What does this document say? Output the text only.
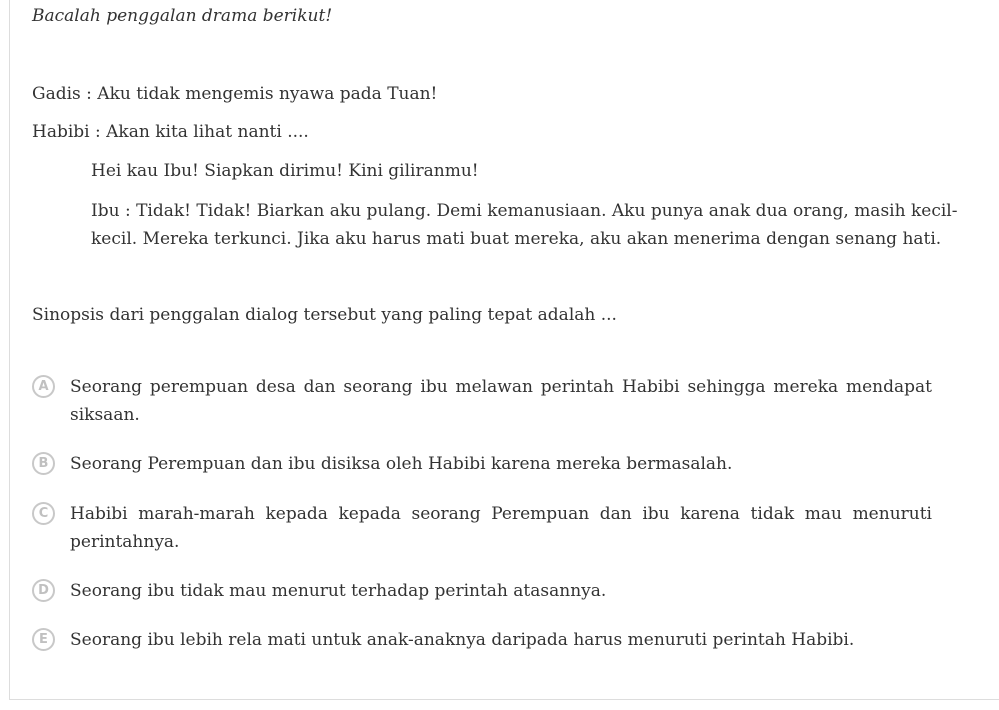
Bacalah penggalan drama berikut!

Gadis : Aku tidak mengemis nyawa pada Tuan!

Habibi : Akan kita lihat nanti ....

Hei kau Ibu! Siapkan dirimu! Kini giliranmu!

Ibu : Tidak! Tidak! Biarkan aku pulang. Demi kemanusiaan. Aku punya anak dua orang, masih kecil-kecil. Mereka terkunci. Jika aku harus mati buat mereka, aku akan menerima dengan senang hati.

Sinopsis dari penggalan dialog tersebut yang paling tepat adalah ...

A	Seorang perempuan desa dan seorang ibu melawan perintah Habibi sehingga mereka mendapat siksaan.
B	Seorang Perempuan dan ibu disiksa oleh Habibi karena mereka bermasalah.
C	Habibi marah-marah kepada kepada seorang Perempuan dan ibu karena tidak mau menuruti perintahnya.
D	Seorang ibu tidak mau menurut terhadap perintah atasannya.
E	Seorang ibu lebih rela mati untuk anak-anaknya daripada harus menuruti perintah Habibi.
